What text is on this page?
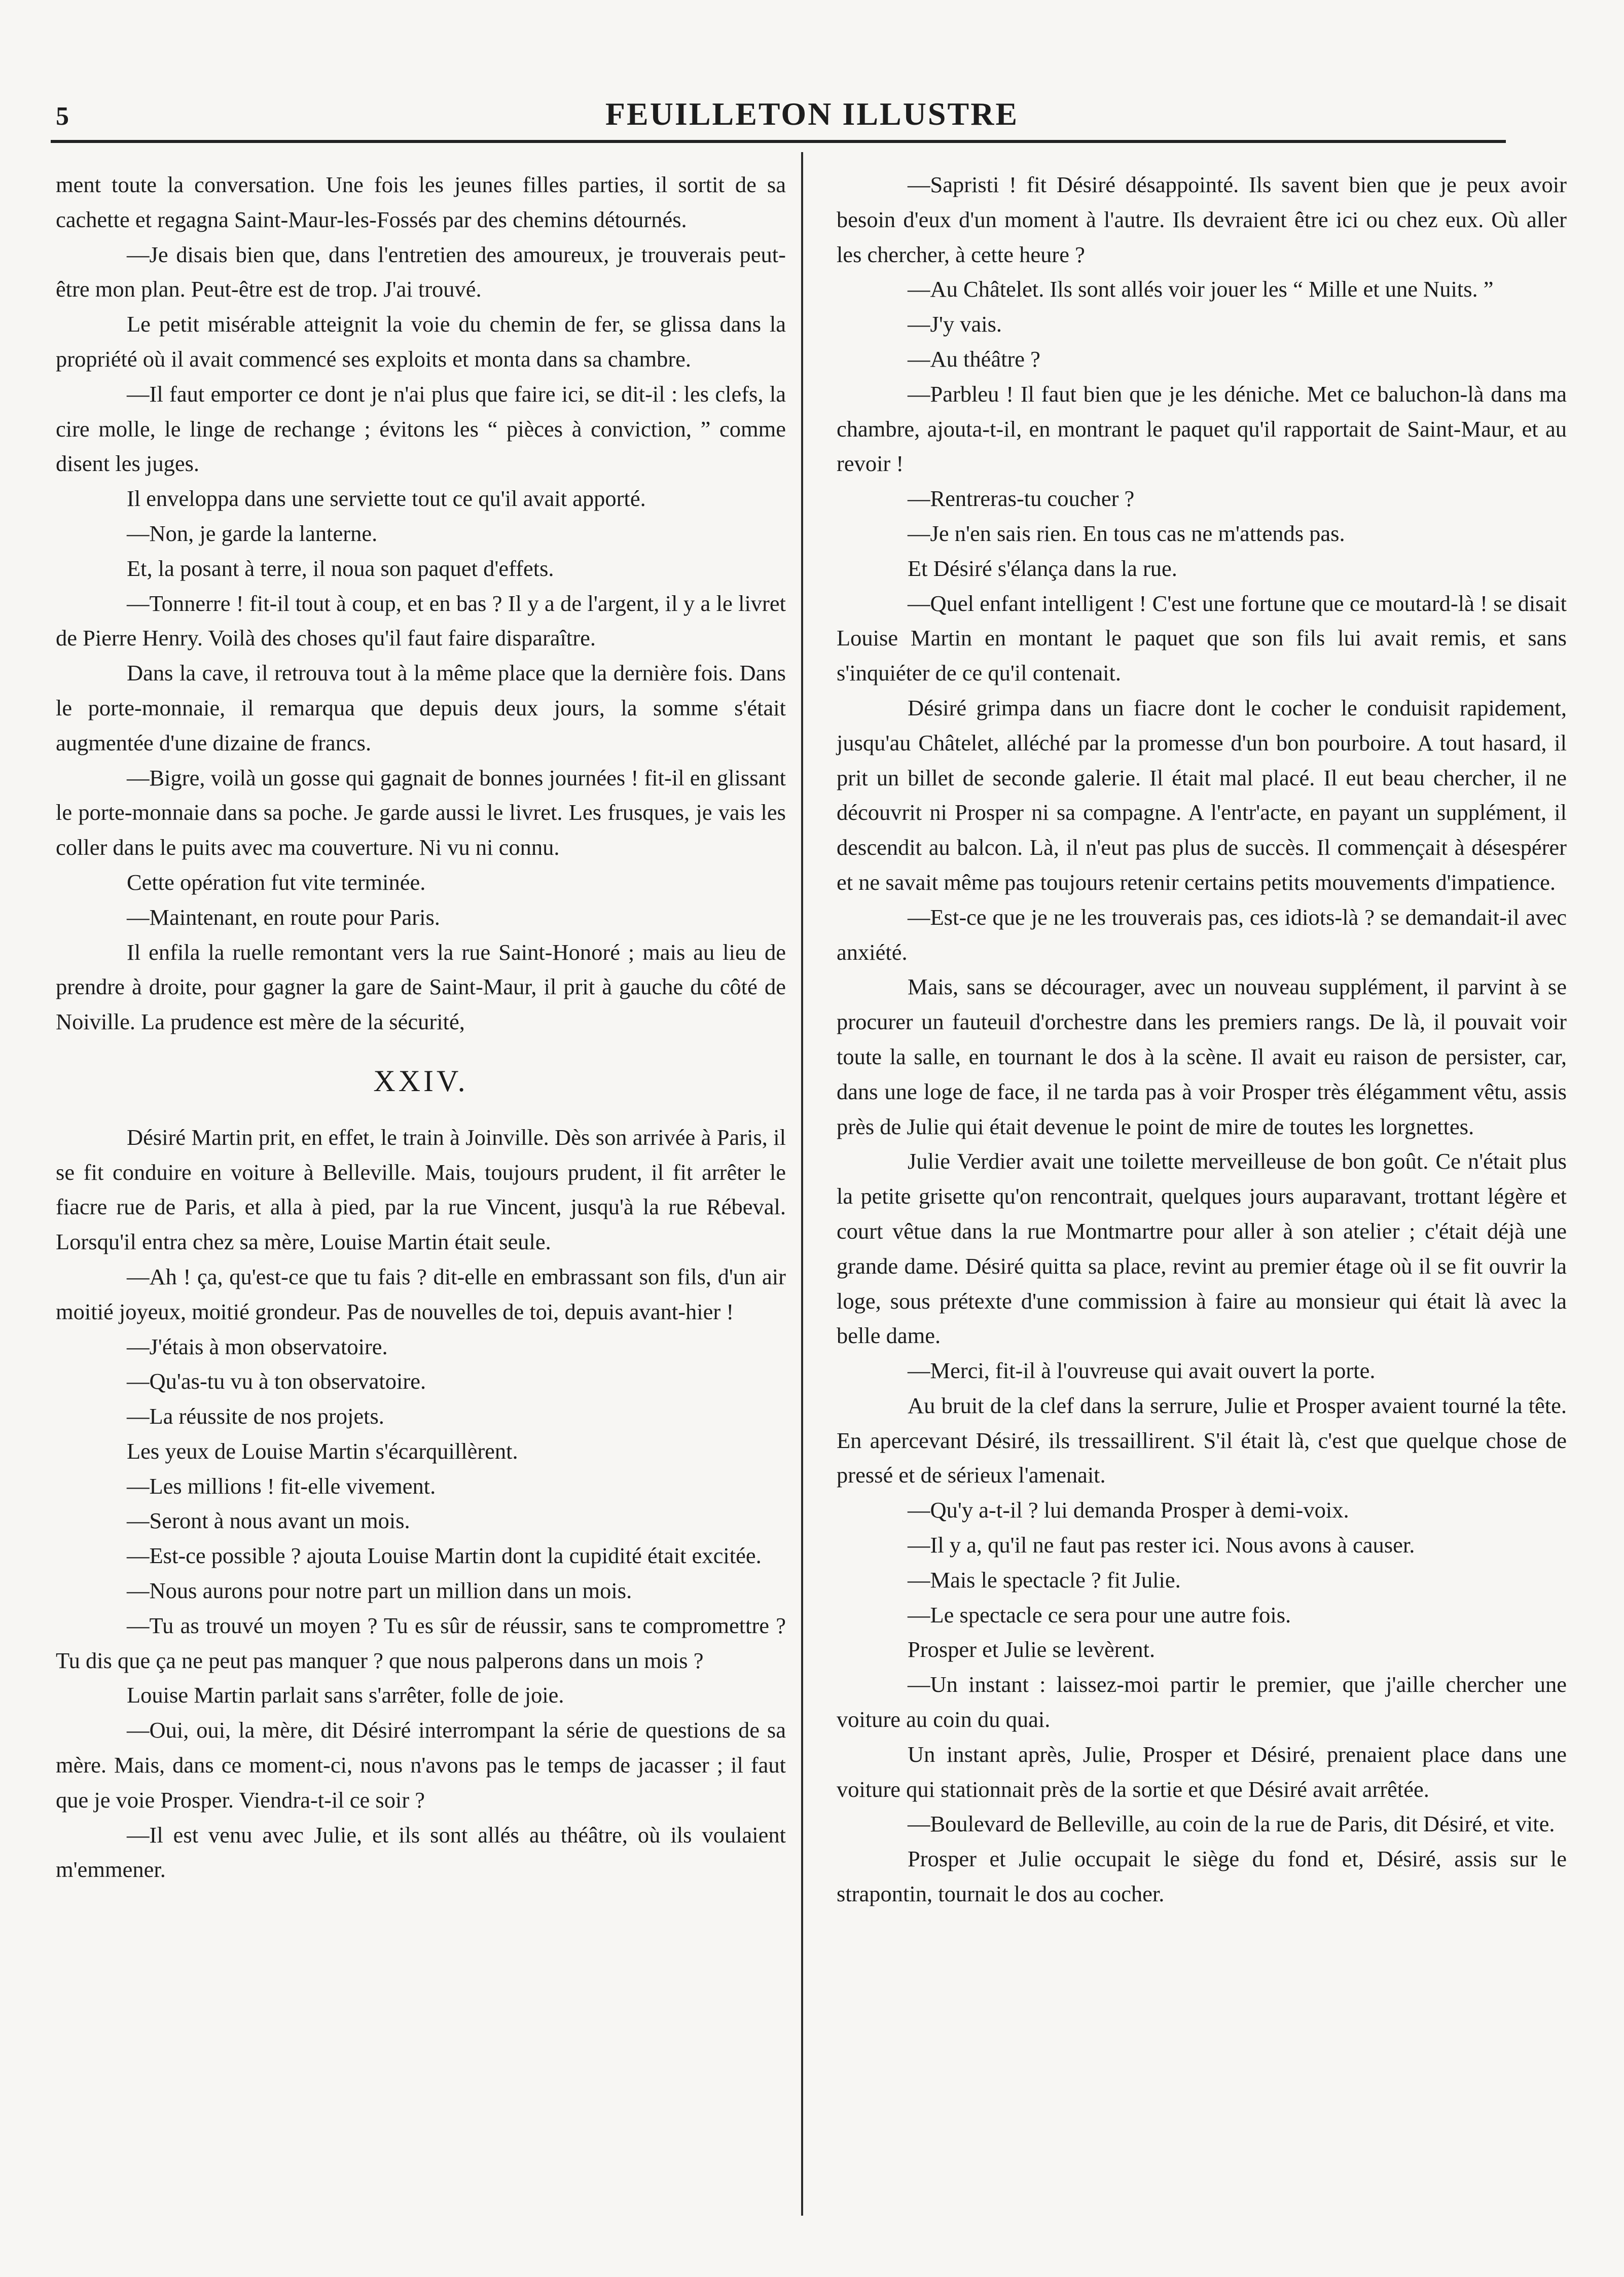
5	FEUILLETON ILLUSTRE

ment toute la conversation. Une fois les jeunes filles parties, il sortit de sa cachette et regagna Saint-Maur-les-Fossés par des chemins détournés.

—Je disais bien que, dans l'entretien des amoureux, je trouverais peut-être mon plan. Peut-être est de trop. J'ai trouvé.

Le petit misérable atteignit la voie du chemin de fer, se glissa dans la propriété où il avait commencé ses exploits et monta dans sa chambre.

—Il faut emporter ce dont je n'ai plus que faire ici, se dit-il : les clefs, la cire molle, le linge de rechange ; évitons les “ pièces à conviction, ” comme disent les juges.

Il enveloppa dans une serviette tout ce qu'il avait apporté.

—Non, je garde la lanterne.

Et, la posant à terre, il noua son paquet d'effets.

—Tonnerre ! fit-il tout à coup, et en bas ? Il y a de l'argent, il y a le livret de Pierre Henry. Voilà des choses qu'il faut faire disparaître.

Dans la cave, il retrouva tout à la même place que la dernière fois. Dans le porte-monnaie, il remarqua que depuis deux jours, la somme s'était augmentée d'une dizaine de francs.

—Bigre, voilà un gosse qui gagnait de bonnes journées ! fit-il en glissant le porte-monnaie dans sa poche. Je garde aussi le livret. Les frusques, je vais les coller dans le puits avec ma couverture. Ni vu ni connu.

Cette opération fut vite terminée.

—Maintenant, en route pour Paris.

Il enfila la ruelle remontant vers la rue Saint-Honoré ; mais au lieu de prendre à droite, pour gagner la gare de Saint-Maur, il prit à gauche du côté de Noiville. La prudence est mère de la sécurité,

XXIV.

Désiré Martin prit, en effet, le train à Joinville. Dès son arrivée à Paris, il se fit conduire en voiture à Belleville. Mais, toujours prudent, il fit arrêter le fiacre rue de Paris, et alla à pied, par la rue Vincent, jusqu'à la rue Rébeval. Lorsqu'il entra chez sa mère, Louise Martin était seule.

—Ah ! ça, qu'est-ce que tu fais ? dit-elle en embrassant son fils, d'un air moitié joyeux, moitié grondeur. Pas de nouvelles de toi, depuis avant-hier !

—J'étais à mon observatoire.

—Qu'as-tu vu à ton observatoire.

—La réussite de nos projets.

Les yeux de Louise Martin s'écarquillèrent.

—Les millions ! fit-elle vivement.

—Seront à nous avant un mois.

—Est-ce possible ? ajouta Louise Martin dont la cupidité était excitée.

—Nous aurons pour notre part un million dans un mois.

—Tu as trouvé un moyen ? Tu es sûr de réussir, sans te compromettre ? Tu dis que ça ne peut pas manquer ? que nous palperons dans un mois ?

Louise Martin parlait sans s'arrêter, folle de joie.

—Oui, oui, la mère, dit Désiré interrompant la série de questions de sa mère. Mais, dans ce moment-ci, nous n'avons pas le temps de jacasser ; il faut que je voie Prosper. Viendra-t-il ce soir ?

—Il est venu avec Julie, et ils sont allés au théâtre, où ils voulaient m'emmener.

—Sapristi ! fit Désiré désappointé. Ils savent bien que je peux avoir besoin d'eux d'un moment à l'autre. Ils devraient être ici ou chez eux. Où aller les chercher, à cette heure ?

—Au Châtelet. Ils sont allés voir jouer les “ Mille et une Nuits. ”

—J'y vais.

—Au théâtre ?

—Parbleu ! Il faut bien que je les déniche. Met ce baluchon-là dans ma chambre, ajouta-t-il, en montrant le paquet qu'il rapportait de Saint-Maur, et au revoir !

—Rentreras-tu coucher ?

—Je n'en sais rien. En tous cas ne m'attends pas.

Et Désiré s'élança dans la rue.

—Quel enfant intelligent ! C'est une fortune que ce moutard-là ! se disait Louise Martin en montant le paquet que son fils lui avait remis, et sans s'inquiéter de ce qu'il contenait.

Désiré grimpa dans un fiacre dont le cocher le conduisit rapidement, jusqu'au Châtelet, alléché par la promesse d'un bon pourboire. A tout hasard, il prit un billet de seconde galerie. Il était mal placé. Il eut beau chercher, il ne découvrit ni Prosper ni sa compagne. A l'entr'acte, en payant un supplément, il descendit au balcon. Là, il n'eut pas plus de succès. Il commençait à désespérer et ne savait même pas toujours retenir certains petits mouvements d'impatience.

—Est-ce que je ne les trouverais pas, ces idiots-là ? se demandait-il avec anxiété.

Mais, sans se décourager, avec un nouveau supplément, il parvint à se procurer un fauteuil d'orchestre dans les premiers rangs. De là, il pouvait voir toute la salle, en tournant le dos à la scène. Il avait eu raison de persister, car, dans une loge de face, il ne tarda pas à voir Prosper très élégamment vêtu, assis près de Julie qui était devenue le point de mire de toutes les lorgnettes.

Julie Verdier avait une toilette merveilleuse de bon goût. Ce n'était plus la petite grisette qu'on rencontrait, quelques jours auparavant, trottant légère et court vêtue dans la rue Montmartre pour aller à son atelier ; c'était déjà une grande dame. Désiré quitta sa place, revint au premier étage où il se fit ouvrir la loge, sous prétexte d'une commission à faire au monsieur qui était là avec la belle dame.

—Merci, fit-il à l'ouvreuse qui avait ouvert la porte.

Au bruit de la clef dans la serrure, Julie et Prosper avaient tourné la tête. En apercevant Désiré, ils tressaillirent. S'il était là, c'est que quelque chose de pressé et de sérieux l'amenait.

—Qu'y a-t-il ? lui demanda Prosper à demi-voix.

—Il y a, qu'il ne faut pas rester ici. Nous avons à causer.

—Mais le spectacle ? fit Julie.

—Le spectacle ce sera pour une autre fois.

Prosper et Julie se levèrent.

—Un instant : laissez-moi partir le premier, que j'aille chercher une voiture au coin du quai.

Un instant après, Julie, Prosper et Désiré, prenaient place dans une voiture qui stationnait près de la sortie et que Désiré avait arrêtée.

—Boulevard de Belleville, au coin de la rue de Paris, dit Désiré, et vite.

Prosper et Julie occupait le siège du fond et, Désiré, assis sur le strapontin, tournait le dos au cocher.
